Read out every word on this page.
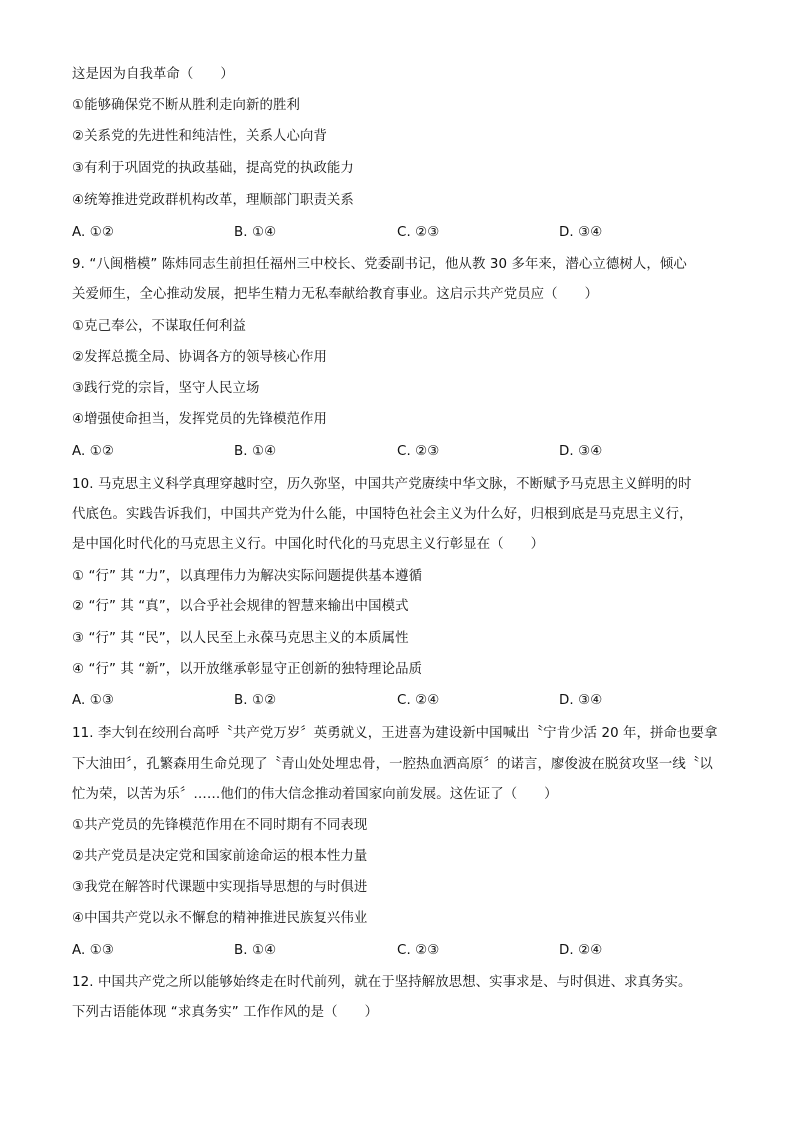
这是因为自我革命（　　）
①能够确保党不断从胜利走向新的胜利
②关系党的先进性和纯洁性，关系人心向背
③有利于巩固党的执政基础，提高党的执政能力
④统筹推进党政群机构改革，理顺部门职责关系
A. ①②	B. ①④	C. ②③	D. ③④
9. “八闽楷模” 陈炜同志生前担任福州三中校长、党委副书记，他从教 30 多年来，潜心立德树人，倾心
关爱师生，全心推动发展，把毕生精力无私奉献给教育事业。这启示共产党员应（　　）
①克己奉公，不谋取任何利益
②发挥总揽全局、协调各方的领导核心作用
③践行党的宗旨，坚守人民立场
④增强使命担当，发挥党员的先锋模范作用
A. ①②	B. ①④	C. ②③	D. ③④
10. 马克思主义科学真理穿越时空，历久弥坚，中国共产党赓续中华文脉，不断赋予马克思主义鲜明的时
代底色。实践告诉我们，中国共产党为什么能，中国特色社会主义为什么好，归根到底是马克思主义行，
是中国化时代化的马克思主义行。中国化时代化的马克思主义行彰显在（　　）
① “行” 其 “力”，以真理伟力为解决实际问题提供基本遵循
② “行” 其 “真”，以合乎社会规律的智慧来输出中国模式
③ “行” 其 “民”，以人民至上永葆马克思主义的本质属性
④ “行” 其 “新”，以开放继承彰显守正创新的独特理论品质
A. ①③	B. ①②	C. ②④	D. ③④
11. 李大钊在绞刑台高呼〝共产党万岁〞英勇就义，王进喜为建设新中国喊出〝宁肯少活 20 年，拼命也要拿
下大油田〞，孔繁森用生命兑现了〝青山处处埋忠骨，一腔热血洒高原〞的诺言，廖俊波在脱贫攻坚一线〝以
忙为荣，以苦为乐〞……他们的伟大信念推动着国家向前发展。这佐证了（　　）
①共产党员的先锋模范作用在不同时期有不同表现
②共产党员是决定党和国家前途命运的根本性力量
③我党在解答时代课题中实现指导思想的与时俱进
④中国共产党以永不懈怠的精神推进民族复兴伟业
A. ①③	B. ①④	C. ②③	D. ②④
12. 中国共产党之所以能够始终走在时代前列，就在于坚持解放思想、实事求是、与时俱进、求真务实。
下列古语能体现 “求真务实” 工作作风的是（　　）
